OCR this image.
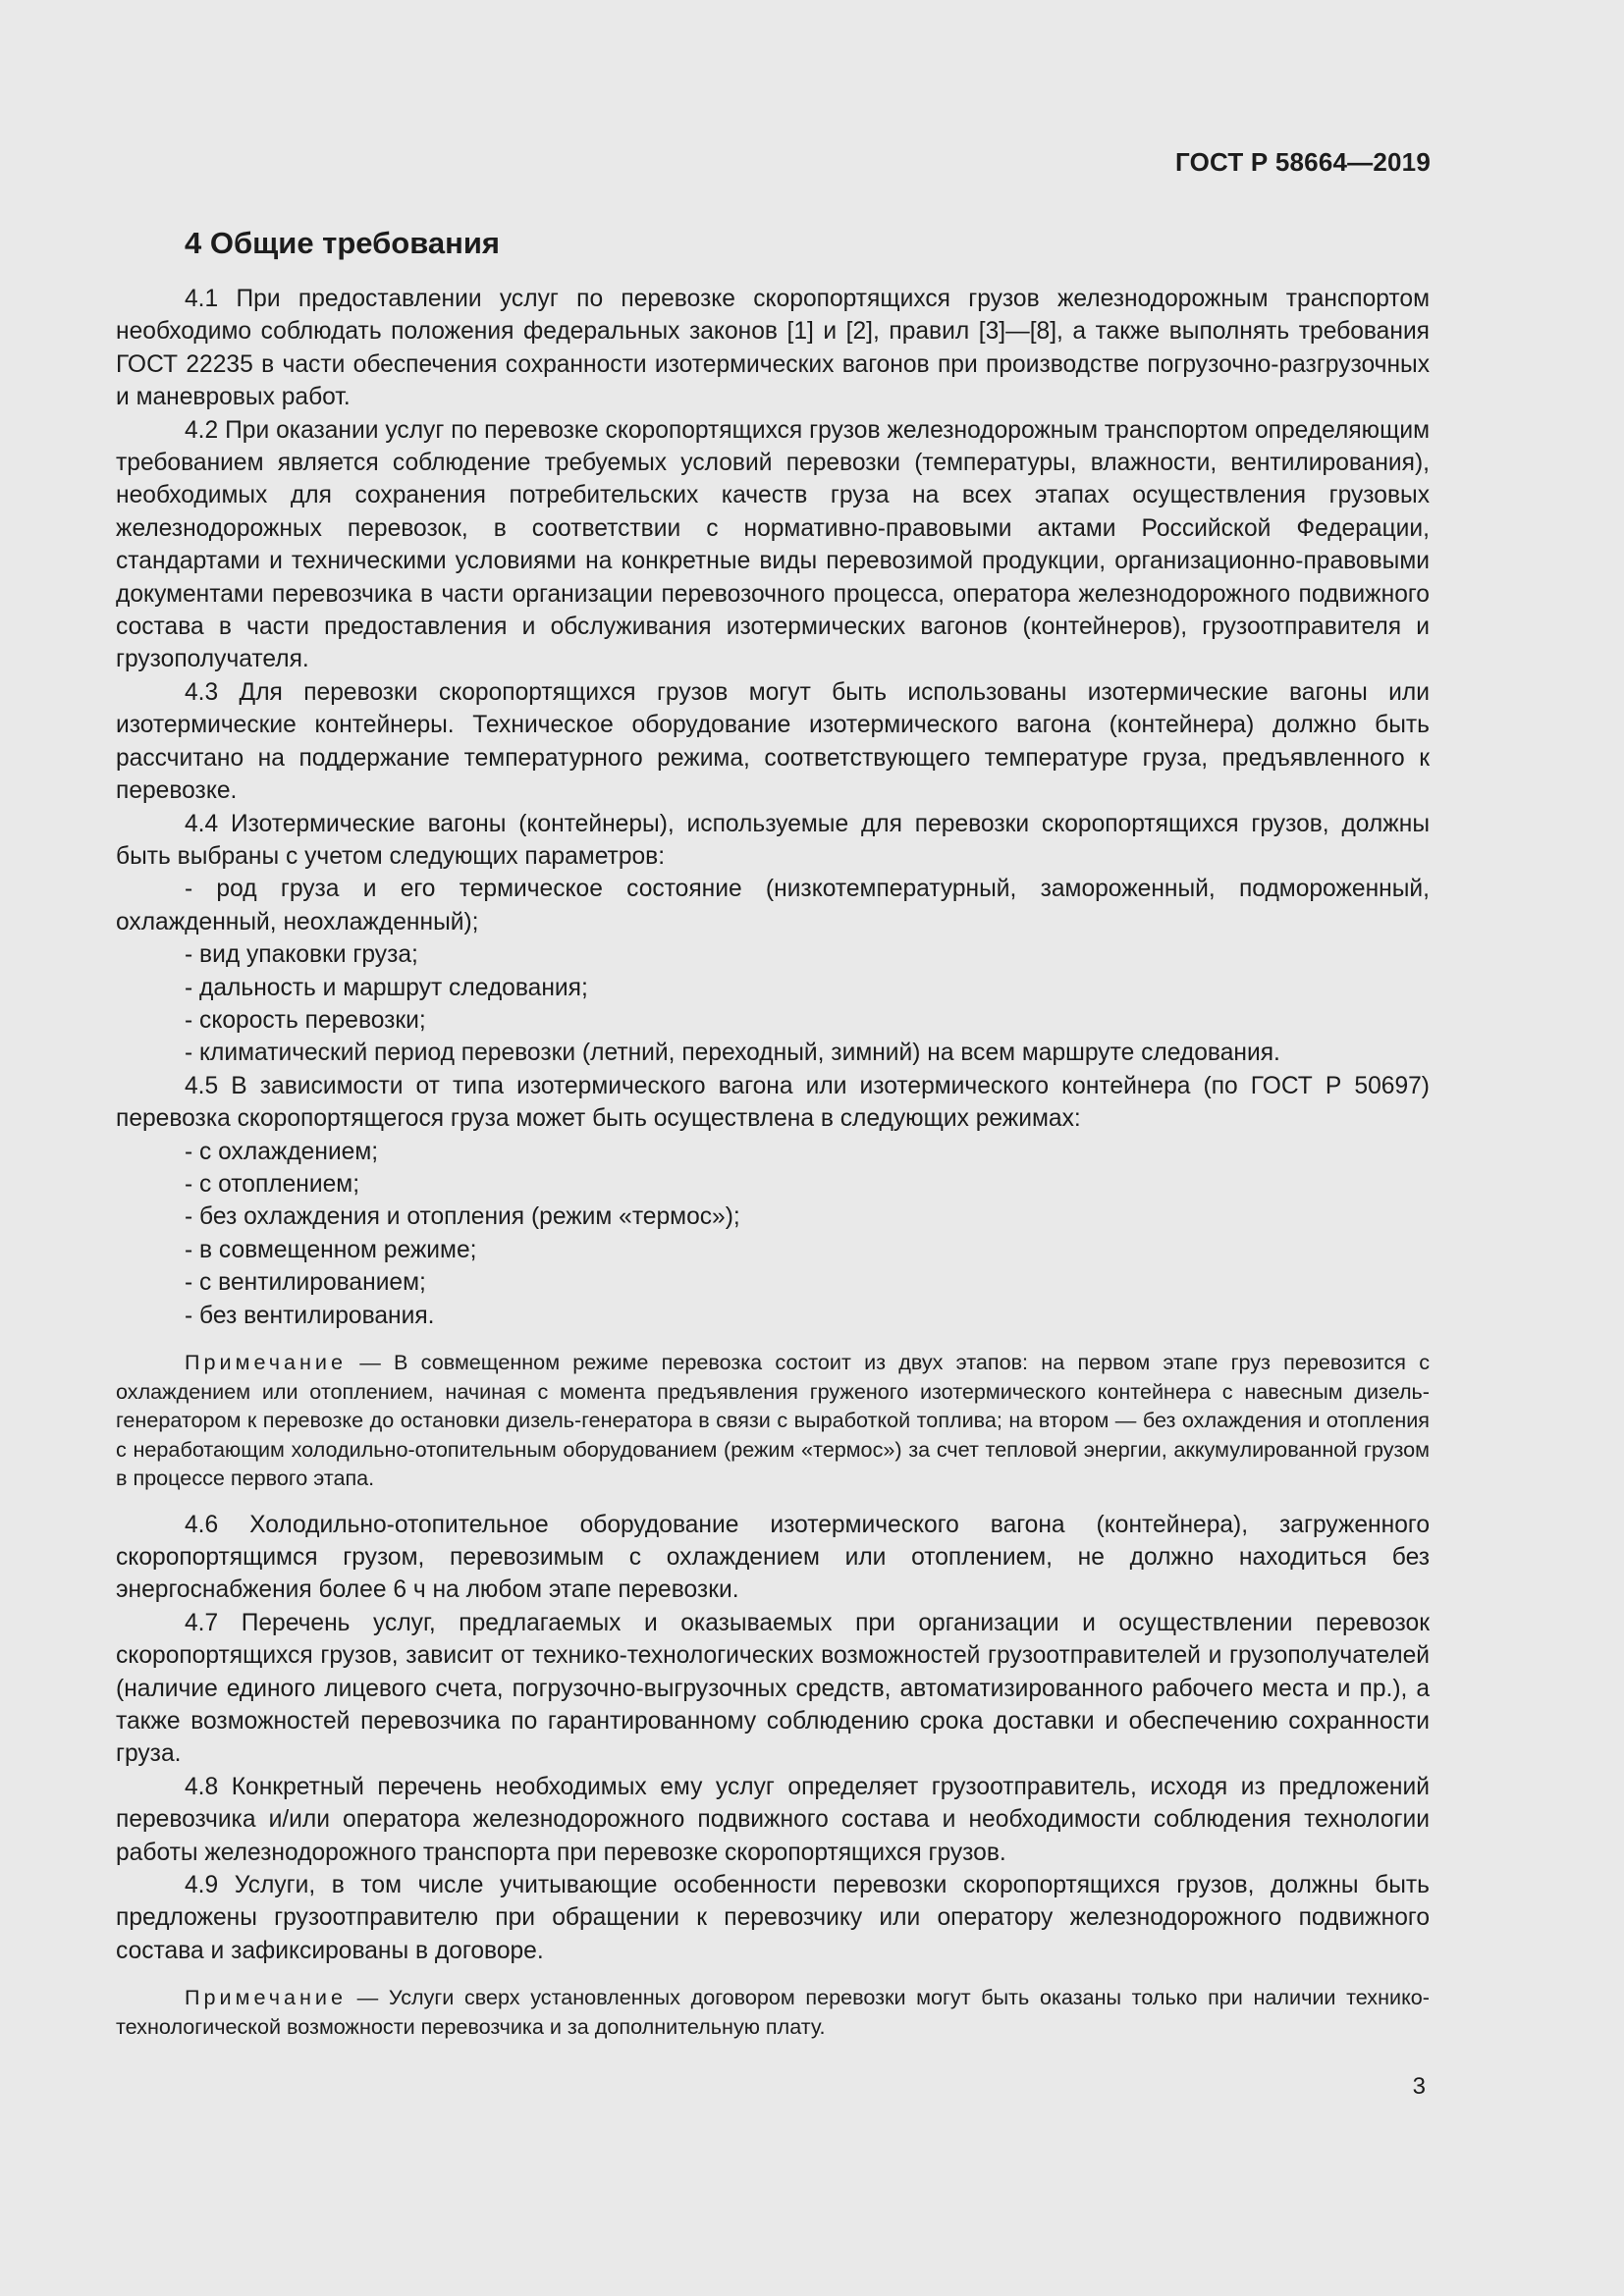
ГОСТ Р 58664—2019
4 Общие требования

4.1 При предоставлении услуг по перевозке скоропортящихся грузов железнодорожным транспортом необходимо соблюдать положения федеральных законов [1] и [2], правил [3]—[8], а также выполнять требования ГОСТ 22235 в части обеспечения сохранности изотермических вагонов при производстве погрузочно-разгрузочных и маневровых работ.

4.2 При оказании услуг по перевозке скоропортящихся грузов железнодорожным транспортом определяющим требованием является соблюдение требуемых условий перевозки (температуры, влажности, вентилирования), необходимых для сохранения потребительских качеств груза на всех этапах осуществления грузовых железнодорожных перевозок, в соответствии с нормативно-правовыми актами Российской Федерации, стандартами и техническими условиями на конкретные виды перевозимой продукции, организационно-правовыми документами перевозчика в части организации перевозочного процесса, оператора железнодорожного подвижного состава в части предоставления и обслуживания изотермических вагонов (контейнеров), грузоотправителя и грузополучателя.

4.3 Для перевозки скоропортящихся грузов могут быть использованы изотермические вагоны или изотермические контейнеры. Техническое оборудование изотермического вагона (контейнера) должно быть рассчитано на поддержание температурного режима, соответствующего температуре груза, предъявленного к перевозке.

4.4 Изотермические вагоны (контейнеры), используемые для перевозки скоропортящихся грузов, должны быть выбраны с учетом следующих параметров:

- род груза и его термическое состояние (низкотемпературный, замороженный, подмороженный, охлажденный, неохлажденный);
- вид упаковки груза;
- дальность и маршрут следования;
- скорость перевозки;
- климатический период перевозки (летний, переходный, зимний) на всем маршруте следования.

4.5 В зависимости от типа изотермического вагона или изотермического контейнера (по ГОСТ Р 50697) перевозка скоропортящегося груза может быть осуществлена в следующих режимах:

- с охлаждением;
- с отоплением;
- без охлаждения и отопления (режим «термос»);
- в совмещенном режиме;
- с вентилированием;
- без вентилирования.
Примечание — В совмещенном режиме перевозка состоит из двух этапов: на первом этапе груз перевозится с охлаждением или отоплением, начиная с момента предъявления груженого изотермического контейнера с навесным дизель-генератором к перевозке до остановки дизель-генератора в связи с выработкой топлива; на втором — без охлаждения и отопления с неработающим холодильно-отопительным оборудованием (режим «термос») за счет тепловой энергии, аккумулированной грузом в процессе первого этапа.

4.6 Холодильно-отопительное оборудование изотермического вагона (контейнера), загруженного скоропортящимся грузом, перевозимым с охлаждением или отоплением, не должно находиться без энергоснабжения более 6 ч на любом этапе перевозки.

4.7 Перечень услуг, предлагаемых и оказываемых при организации и осуществлении перевозок скоропортящихся грузов, зависит от технико-технологических возможностей грузоотправителей и грузополучателей (наличие единого лицевого счета, погрузочно-выгрузочных средств, автоматизированного рабочего места и пр.), а также возможностей перевозчика по гарантированному соблюдению срока доставки и обеспечению сохранности груза.

4.8 Конкретный перечень необходимых ему услуг определяет грузоотправитель, исходя из предложений перевозчика и/или оператора железнодорожного подвижного состава и необходимости соблюдения технологии работы железнодорожного транспорта при перевозке скоропортящихся грузов.

4.9 Услуги, в том числе учитывающие особенности перевозки скоропортящихся грузов, должны быть предложены грузоотправителю при обращении к перевозчику или оператору железнодорожного подвижного состава и зафиксированы в договоре.

Примечание — Услуги сверх установленных договором перевозки могут быть оказаны только при наличии технико-технологической возможности перевозчика и за дополнительную плату.
3
